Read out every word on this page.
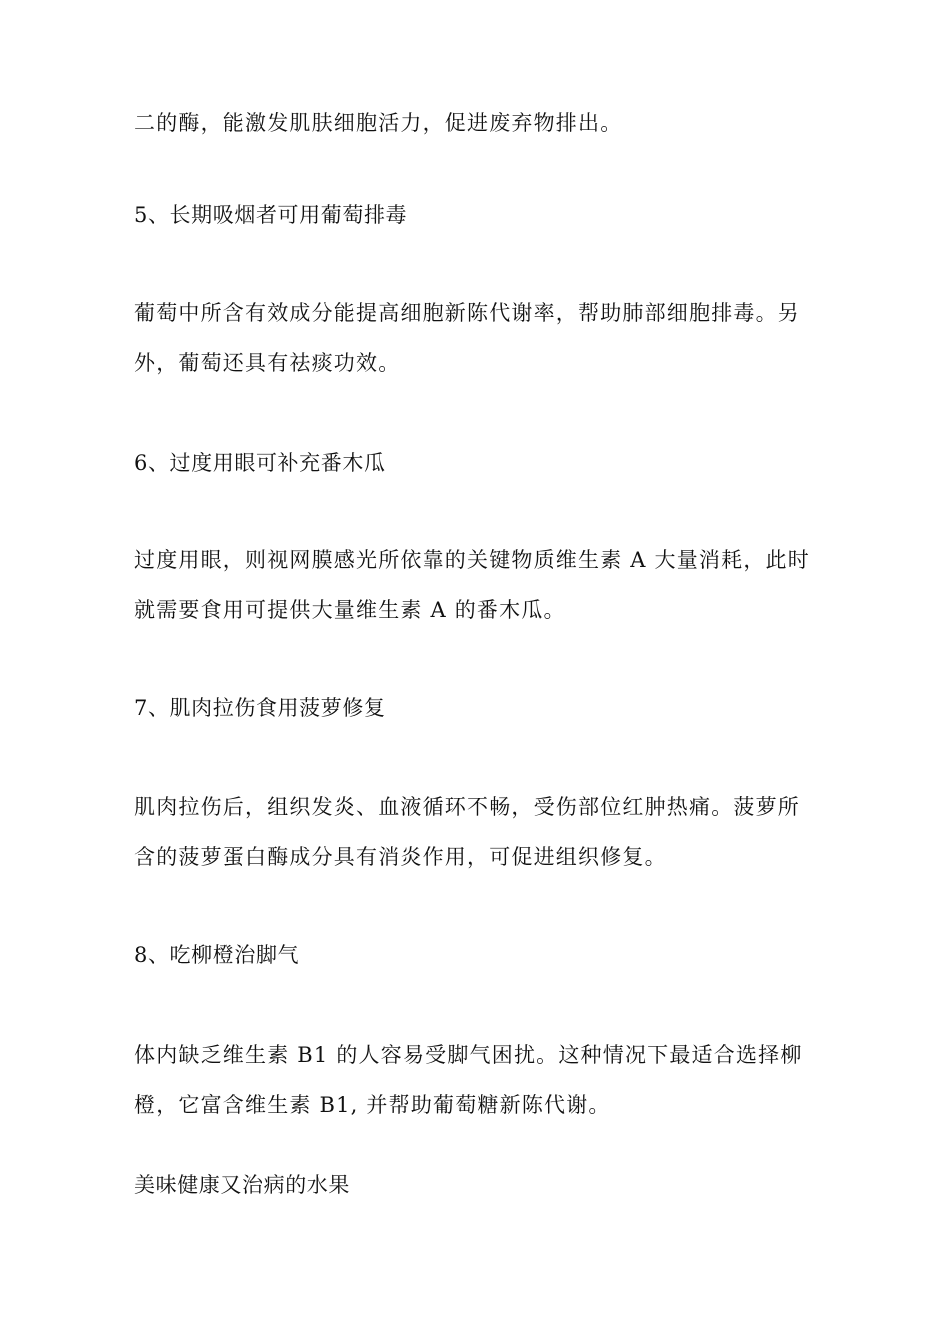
二的酶，能激发肌肤细胞活力，促进废弃物排出。

5、长期吸烟者可用葡萄排毒

葡萄中所含有效成分能提高细胞新陈代谢率，帮助肺部细胞排毒。另

外，葡萄还具有祛痰功效。

6、过度用眼可补充番木瓜

过度用眼，则视网膜感光所依靠的关键物质维生素 A 大量消耗，此时

就需要食用可提供大量维生素 A 的番木瓜。

7、肌肉拉伤食用菠萝修复

肌肉拉伤后，组织发炎、血液循环不畅，受伤部位红肿热痛。菠萝所

含的菠萝蛋白酶成分具有消炎作用，可促进组织修复。

8、吃柳橙治脚气

体内缺乏维生素 B1 的人容易受脚气困扰。这种情况下最适合选择柳

橙，它富含维生素 B1, 并帮助葡萄糖新陈代谢。

美味健康又治病的水果
